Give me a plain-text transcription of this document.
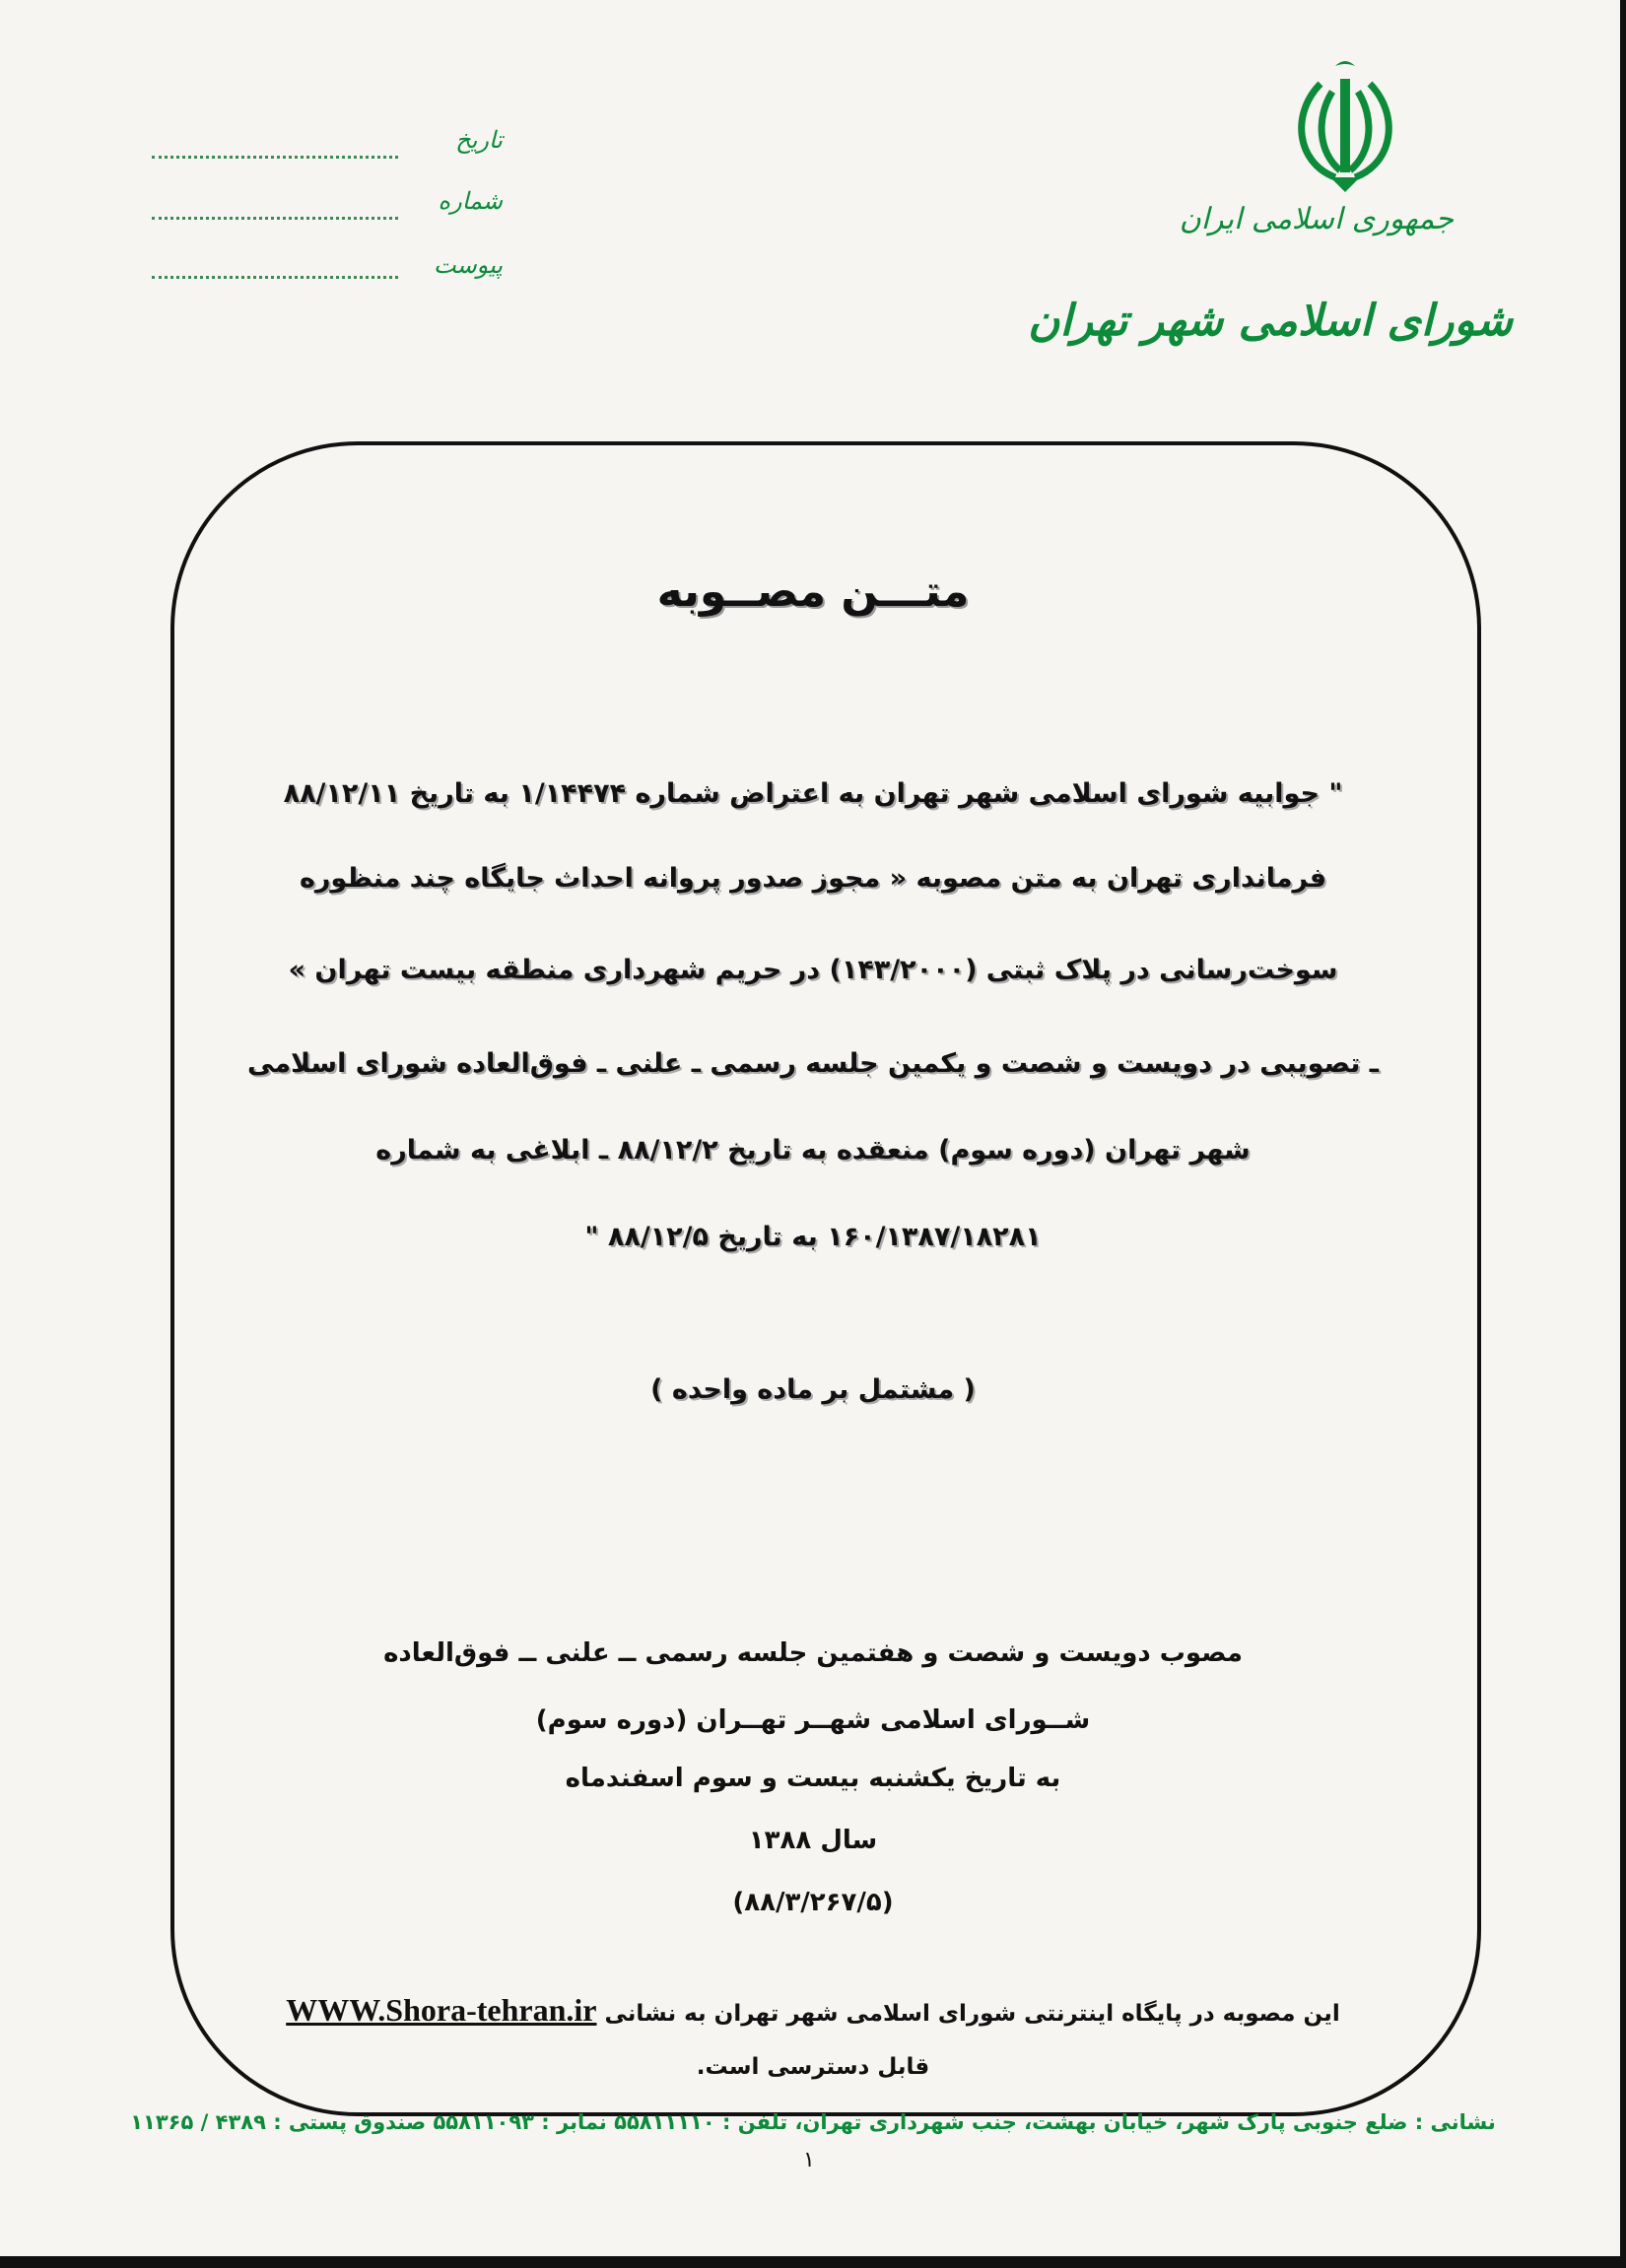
جمهوری اسلامی ایران
شورای اسلامی شهر تهران
تاریخ
شماره
پیوست
متـــن مصــوبه
" جوابیه شورای اسلامی شهر تهران به اعتراض شماره ۱/۱۴۴۷۴ به تاریخ ۸۸/۱۲/۱۱
فرمانداری تهران به متن مصوبه « مجوز صدور پروانه احداث جایگاه چند منظوره
سوخت‌رسانی در پلاک ثبتی (۱۴۳/۲۰۰۰) در حریم شهرداری منطقه بیست تهران »
ـ تصویبی در دویست و شصت و یکمین جلسه رسمی ـ علنی ـ فوق‌العاده شورای اسلامی
شهر تهران (دوره سوم) منعقده به تاریخ ۸۸/۱۲/۲ ـ ابلاغی به شماره
۱۶۰/۱۳۸۷/۱۸۲۸۱ به تاریخ ۸۸/۱۲/۵ "
( مشتمل بر ماده واحده )
مصوب دویست و شصت و هفتمین جلسه رسمی ــ علنی ــ فوق‌العاده
شــورای اسلامی شهــر تهــران (دوره سوم)
به تاریخ یکشنبه بیست و سوم اسفندماه
سال ۱۳۸۸
(۸۸/۳/۲۶۷/۵)
این مصوبه در پایگاه اینترنتی شورای اسلامی شهر تهران به نشانی WWW.Shora-tehran.ir
قابل دسترسی است.
نشانی : ضلع جنوبی پارک شهر، خیابان بهشت، جنب شهرداری تهران، تلفن : ۵۵۸۱۱۱۱۰ نمابر : ۵۵۸۱۱۰۹۳ صندوق پستی : ۴۳۸۹ / ۱۱۳۶۵
۱
